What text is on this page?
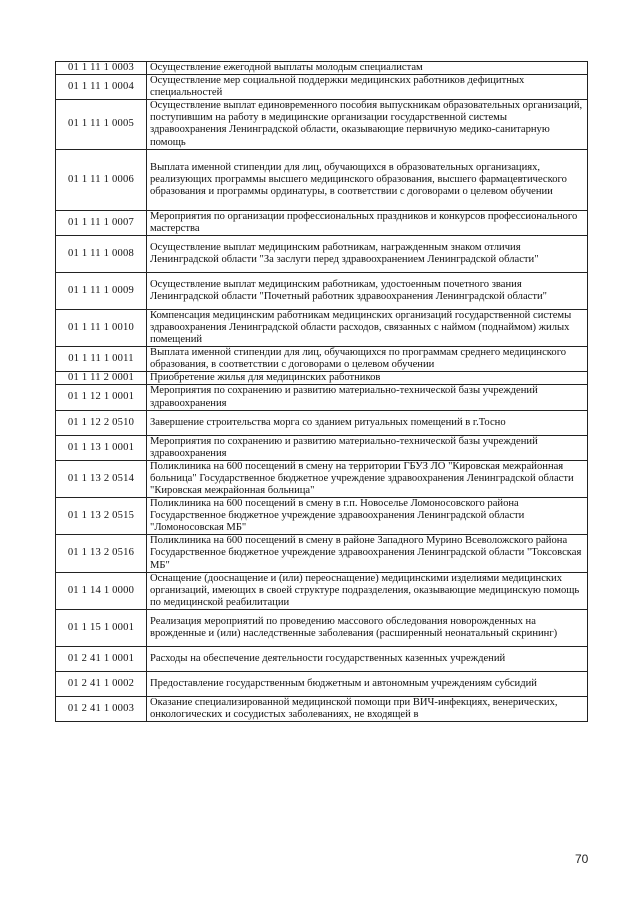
01 1 11 1 0003	Осуществление ежегодной выплаты молодым специалистам
01 1 11 1 0004	Осуществление мер социальной поддержки медицинских работников дефицитных специальностей
01 1 11 1 0005	Осуществление выплат единовременного пособия выпускникам образовательных организаций, поступившим на работу в медицинские организации государственной системы здравоохранения Ленинградской области, оказывающие первичную медико-санитарную помощь
01 1 11 1 0006	Выплата именной стипендии для лиц, обучающихся в образовательных организациях, реализующих программы высшего медицинского образования, высшего фармацевтического образования и программы ординатуры, в соответствии с договорами о целевом обучении
01 1 11 1 0007	Мероприятия по организации профессиональных праздников и конкурсов профессионального мастерства
01 1 11 1 0008	Осуществление выплат медицинским работникам, награжденным знаком отличия Ленинградской области "За заслуги перед здравоохранением Ленинградской области"
01 1 11 1 0009	Осуществление выплат медицинским работникам, удостоенным почетного звания Ленинградской области "Почетный работник здравоохранения Ленинградской области"
01 1 11 1 0010	Компенсация медицинским работникам медицинских организаций государственной системы здравоохранения Ленинградской области расходов, связанных с наймом (поднаймом) жилых помещений
01 1 11 1 0011	Выплата именной стипендии для лиц, обучающихся по программам среднего медицинского образования, в соответствии с договорами о целевом обучении
01 1 11 2 0001	Приобретение жилья для медицинских работников
01 1 12 1 0001	Мероприятия по сохранению и развитию материально-технической базы учреждений здравоохранения
01 1 12 2 0510	Завершение строительства морга со зданием ритуальных помещений в г.Тосно
01 1 13 1 0001	Мероприятия по сохранению и развитию материально-технической базы учреждений здравоохранения
01 1 13 2 0514	Поликлиника на 600 посещений в смену на территории ГБУЗ ЛО "Кировская межрайонная больница" Государственное бюджетное учреждение здравоохранения Ленинградской области "Кировская межрайонная больница"
01 1 13 2 0515	Поликлиника на 600 посещений в смену в г.п. Новоселье Ломоносовского района Государственное бюджетное учреждение здравоохранения Ленинградской области "Ломоносовская МБ"
01 1 13 2 0516	Поликлиника на 600 посещений в смену в районе Западного Мурино Всеволожского района Государственное бюджетное учреждение здравоохранения Ленинградской области "Токсовская МБ"
01 1 14 1 0000	Оснащение (дооснащение и (или) переоснащение) медицинскими изделиями медицинских организаций, имеющих в своей структуре подразделения, оказывающие медицинскую помощь по медицинской реабилитации
01 1 15 1 0001	Реализация мероприятий по проведению массового обследования новорожденных на врожденные и (или) наследственные заболевания (расширенный неонатальный скрининг)
01 2 41 1 0001	Расходы на обеспечение деятельности государственных казенных учреждений
01 2 41 1 0002	Предоставление государственным бюджетным и автономным учреждениям субсидий
01 2 41 1 0003	Оказание специализированной медицинской помощи при ВИЧ-инфекциях, венерических, онкологических и сосудистых заболеваниях, не входящей в
70
